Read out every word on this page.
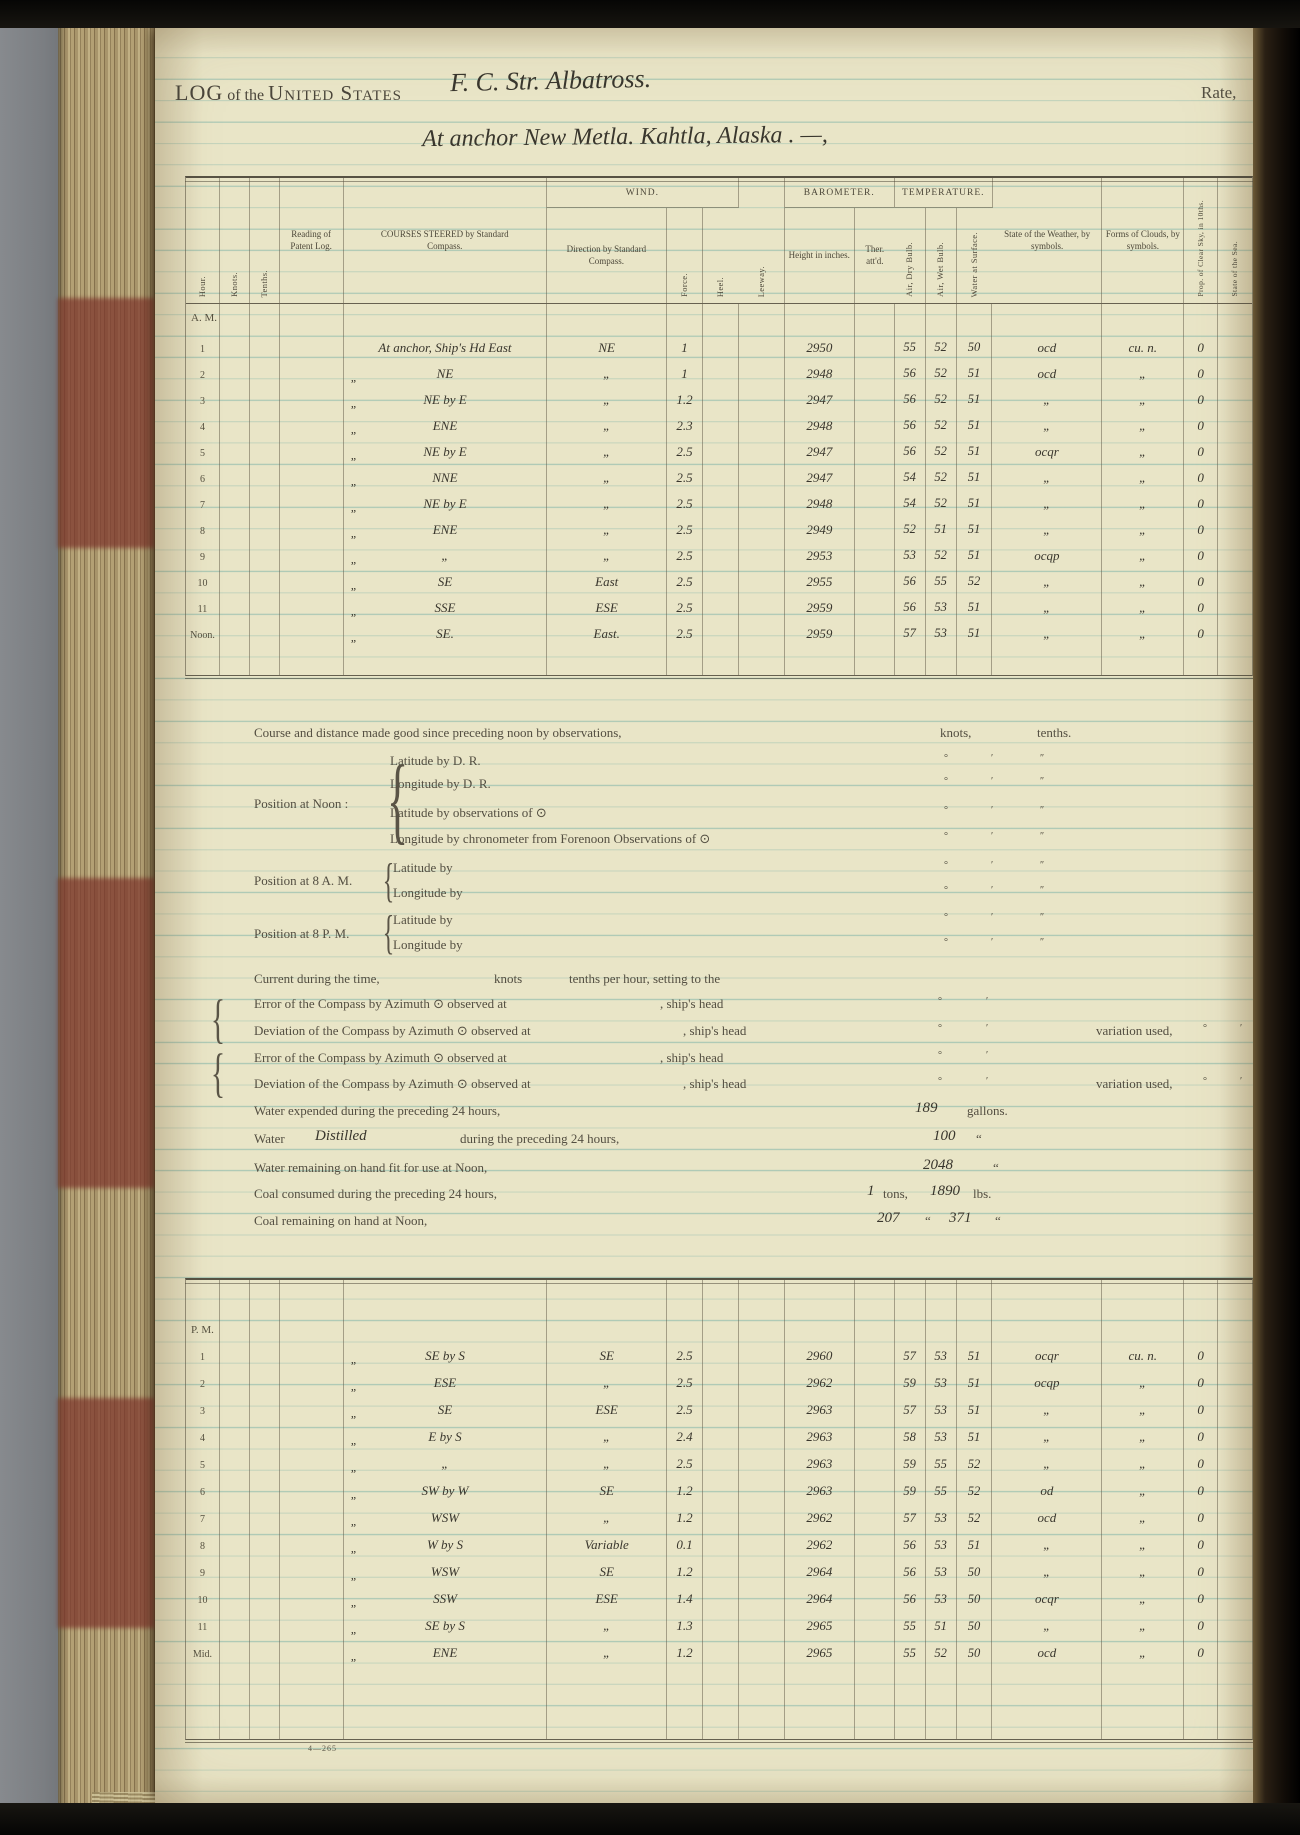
LOG of the United States F. C. Str. Albatross.	Rate,
At anchor New Metla. Kahtla, Alaska . —,
Hour.	Knots. Tenths.
Reading of Patent Log.
COURSES STEERED by Standard Compass.
WIND.
Direction by Standard Compass.
Force.	Heel.	Leeway.
BAROMETER.
Height in inches.
Ther. att'd.
TEMPERATURE.
Air, Dry Bulb. Air, Wet Bulb.	Water at Surface.	State of the Weather, by symbols.
Forms of Clouds, by symbols.	Prop. of Clear Sky, in 10ths.	State of the Sea.
A. M.
1	At anchor, Ship's Hd East	NE	1	2950	55 52 50	ocd	cu. n.	0
2	„	NE	„	1	2948	56 52 51	ocd	„	0
3	„	NE by E	„	1.2	2947	56 52 51	„	„	0
4	„	ENE	„	2.3	2948	56 52 51	„	„	0
5	„	NE by E	„	2.5	2947	56 52 51	ocqr	„	0
6	„	NNE	„	2.5	2947	54 52 51	„	„	0
7	„	NE by E	„	2.5	2948	54 52 51	„	„	0
8	„	ENE	„	2.5	2949	52 51 51	„	„	0
9	„	„	„	2.5	2953	53 52 51	ocqp	„	0
10	„	SE	East	2.5	2955	56 55 52	„	„	0
11	„	SSE	ESE	2.5	2959	56 53 51	„	„	0
Noon.	„	SE.	East.	2.5	2959	57 53 51	„	„	0
Course and distance made good since preceding noon by observations,	knots,	tenths.
{
Position at Noon :
Latitude by D. R.	°	′	″
Longitude by D. R.	°	′	″
Latitude by observations of ⊙	°	′	″
Longitude by chronometer from Forenoon Observations of ⊙	°	′	″
{
Position at 8 A. M.
Latitude by	°	′	″
Longitude by	°	′	″
{
Position at 8 P. M.
Latitude by	°	′	″
Longitude by	°	′	″
Current during the time,	knots	tenths per hour, setting to the
{ Error of the Compass by Azimuth ⊙ observed at	, ship's head	°	′
Deviation of the Compass by Azimuth ⊙ observed at	, ship's head	°	′	variation used,	°	′
{ Error of the Compass by Azimuth ⊙ observed at	, ship's head	°	′
Deviation of the Compass by Azimuth ⊙ observed at	, ship's head	°	′	variation used,	°	′
Water expended during the preceding 24 hours,	189 gallons.
Water Distilled	during the preceding 24 hours,	100 “
Water remaining on hand fit for use at Noon,	2048	“
Coal consumed during the preceding 24 hours,	1 tons, 1890 lbs.
Coal remaining on hand at Noon,	207 “ 371 “
P. M.
1	„	SE by S	SE	2.5	2960	57 53 51	ocqr	cu. n.	0
2	„	ESE	„	2.5	2962	59 53 51	ocqp	„	0
3	„	SE	ESE	2.5	2963	57 53 51	„	„	0
4	„	E by S	„	2.4	2963	58 53 51	„	„	0
5	„	„	„	2.5	2963	59 55 52	„	„	0
6	„	SW by W	SE	1.2	2963	59 55 52	od	„	0
7	„	WSW	„	1.2	2962	57 53 52	ocd	„	0
8	„	W by S	Variable	0.1	2962	56 53 51	„	„	0
9	„	WSW	SE	1.2	2964	56 53 50	„	„	0
10	„	SSW	ESE	1.4	2964	56 53 50	ocqr	„	0
11	„	SE by S	„	1.3	2965	55 51 50	„	„	0
Mid.	„	ENE	„	1.2	2965	55 52 50	ocd	„	0
4—265
